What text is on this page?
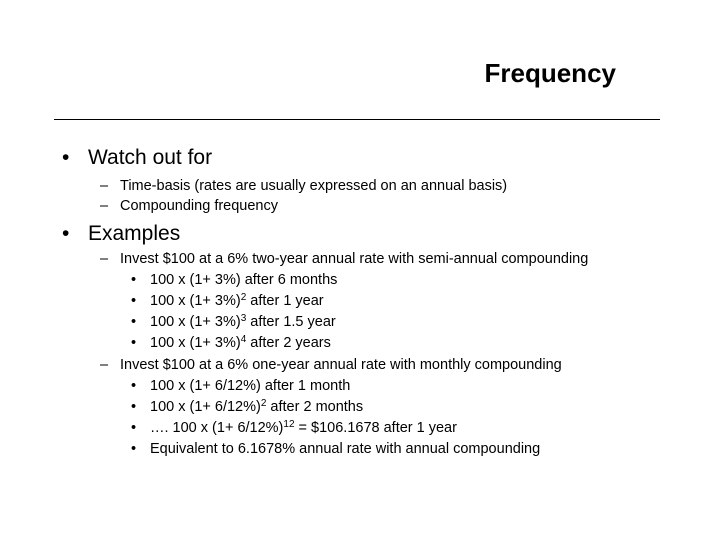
Frequency
• Watch out for
– Time-basis (rates are usually expressed on an annual basis)
– Compounding frequency
• Examples
– Invest $100 at a 6% two-year annual rate with semi-annual compounding
• 100 x (1+ 3%) after 6 months
• 100 x $(1+ 3\%)^2$ after 1 year
• 100 x $(1+ 3\%)^3$ after 1.5 year
• 100 x $(1+ 3\%)^4$ after 2 years
– Invest $100 at a 6% one-year annual rate with monthly compounding
• 100 x (1+ 6/12%) after 1 month
• 100 x $(1+ 6/12\%)^2$ after 2 months
• …. 100 x $(1+ 6/12\%)^{12}$ = $106.1678 after 1 year
• Equivalent to 6.1678% annual rate with annual compounding
